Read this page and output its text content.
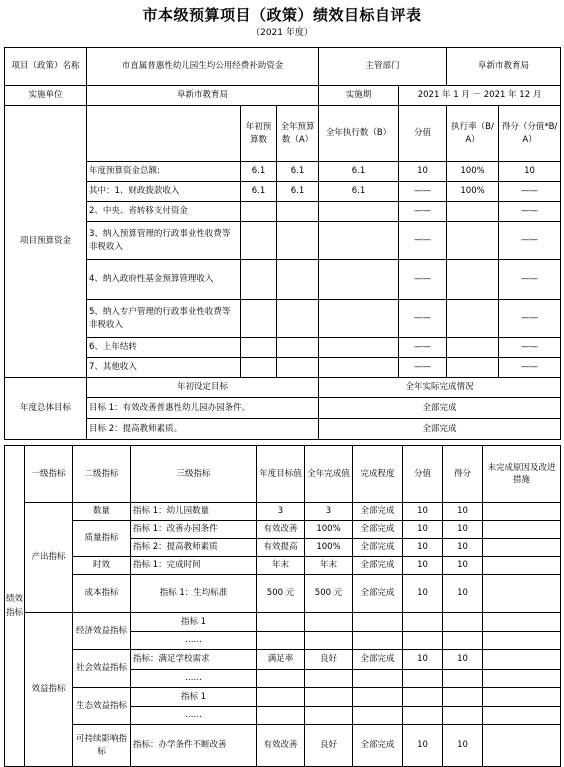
市本级预算项目（政策）绩效目标自评表
（2021 年度）
项目（政策）名称	市直属普惠性幼儿园生均公用经费补助资金			主管部门		阜新市教育局	
实施单位	阜新市教育局			实施期	2021 年 1 月 － 2021 年 12 月		
项目预算资金		年初预算数	全年预算数（A）	全年执行数（B）	分值	执行率（B/A）	得分（分值*B/A）
	年度预算资金总额:	6.1	6.1	6.1	10	100%	10
	其中：1、财政拨款收入	6.1	6.1	6.1	——	100%	——
	2、中央、省转移支付资金				——		——
	3、纳入预算管理的行政事业性收费等非税收入				——		——
	4、纳入政府性基金预算管理收入				——		——
	5、纳入专户管理的行政事业性收费等非税收入				——		——
	6、上年结转				——		——
	7、其他收入				——		——
年度总体目标	年初设定目标			全年实际完成情况			
	目标 1：有效改善普惠性幼儿园办园条件。			全部完成			
	目标 2：提高教师素质。			全部完成			
绩效指标	一级指标	二级指标	三级指标	年度目标值	全年完成值	完成程度	分值	得分	未完成原因及改进措施
	产出指标	数量	指标 1：幼儿园数量	3	3	全部完成	10	10	
		质量指标	指标 1：改善办园条件	有效改善	100%	全部完成	10	10	
			指标 2：提高教师素质	有效提高	100%	全部完成	10	10	
		时效	指标 1：完成时间	年末	年末	全部完成	10	10	
		成本指标	指标 1：生均标准	500 元	500 元	全部完成	10	10	

	效益指标	经济效益指标	指标 1						
			……						
		社会效益指标	指标：满足学校需求	满足率	良好	全部完成	10	10	
			……						
		生态效益指标	指标 1						
			……						
		可持续影响指标	指标：办学条件不断改善	有效改善	良好	全部完成	10	10	
